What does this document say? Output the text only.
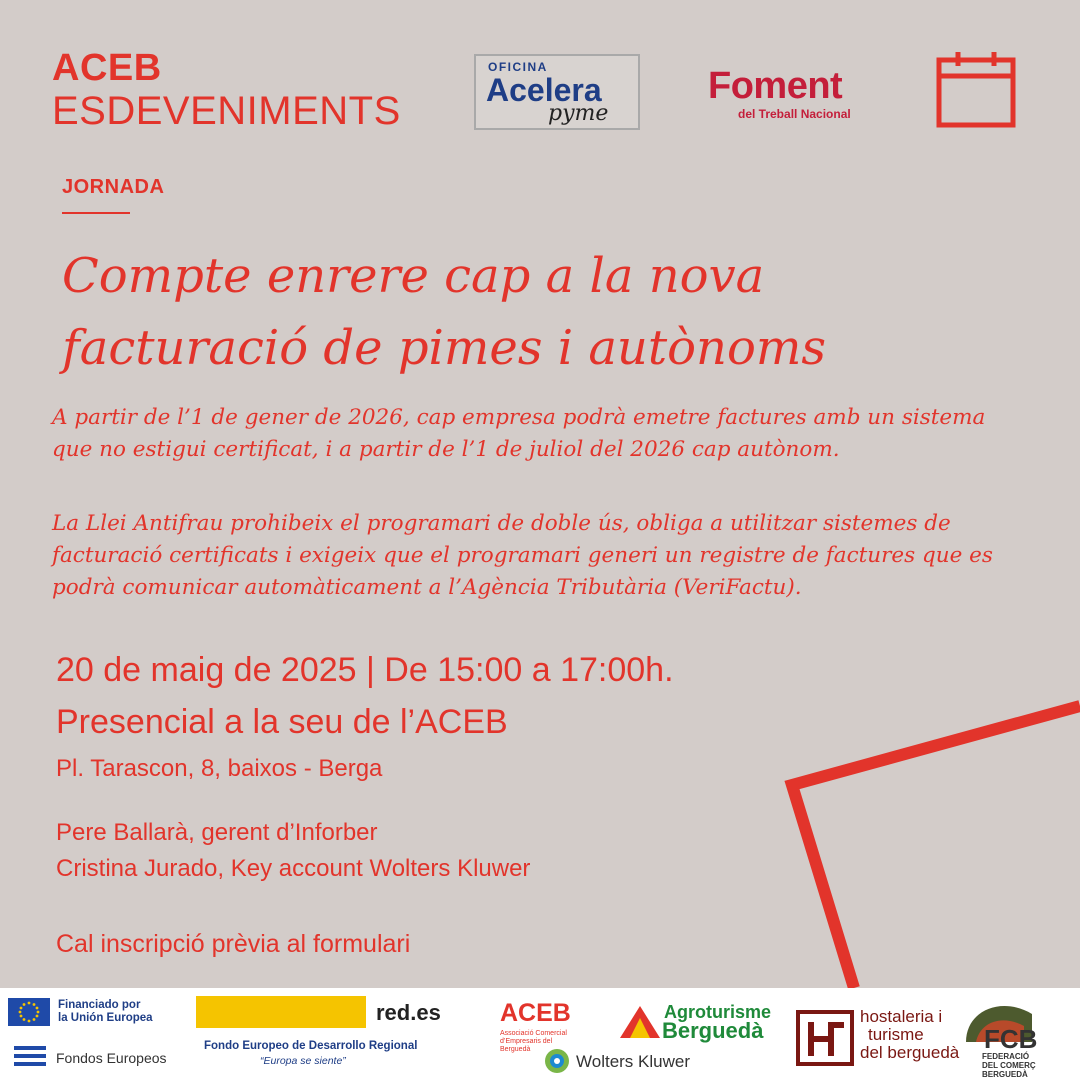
ACEB
ESDEVENIMENTS
OFICINA
Acelera
pyme
Foment
del Treball Nacional
JORNADA
Compte enrere cap a la nova
facturació de pimes i autònoms
A partir de l’1 de gener de 2026, cap empresa podrà emetre factures amb un sistema que no estigui certificat, i a partir de l’1 de juliol del 2026 cap autònom.
La Llei Antifrau prohibeix el programari de doble ús, obliga a utilitzar sistemes de facturació certificats i exigeix que el programari generi un registre de factures que es podrà comunicar automàticament a l’Agència Tributària (VeriFactu).
20 de maig de 2025 | De 15:00 a 17:00h.
Presencial a la seu de l’ACEB
Pl. Tarascon, 8, baixos - Berga
Pere Ballarà, gerent d’Inforber
Cristina Jurado, Key account Wolters Kluwer
Cal inscripció prèvia al formulari
Financiado por
la Unión Europea
Fondos Europeos
red.es
Fondo Europeo de Desarrollo Regional
“Europa se siente”
ACEB
Associació Comercial d’Empresaris del Berguedà
Wolters Kluwer
Agroturisme
Berguedà
hostaleria i
turisme
del berguedà FCB
FEDERACIÓ
DEL COMERÇ
BERGUEDÀ
